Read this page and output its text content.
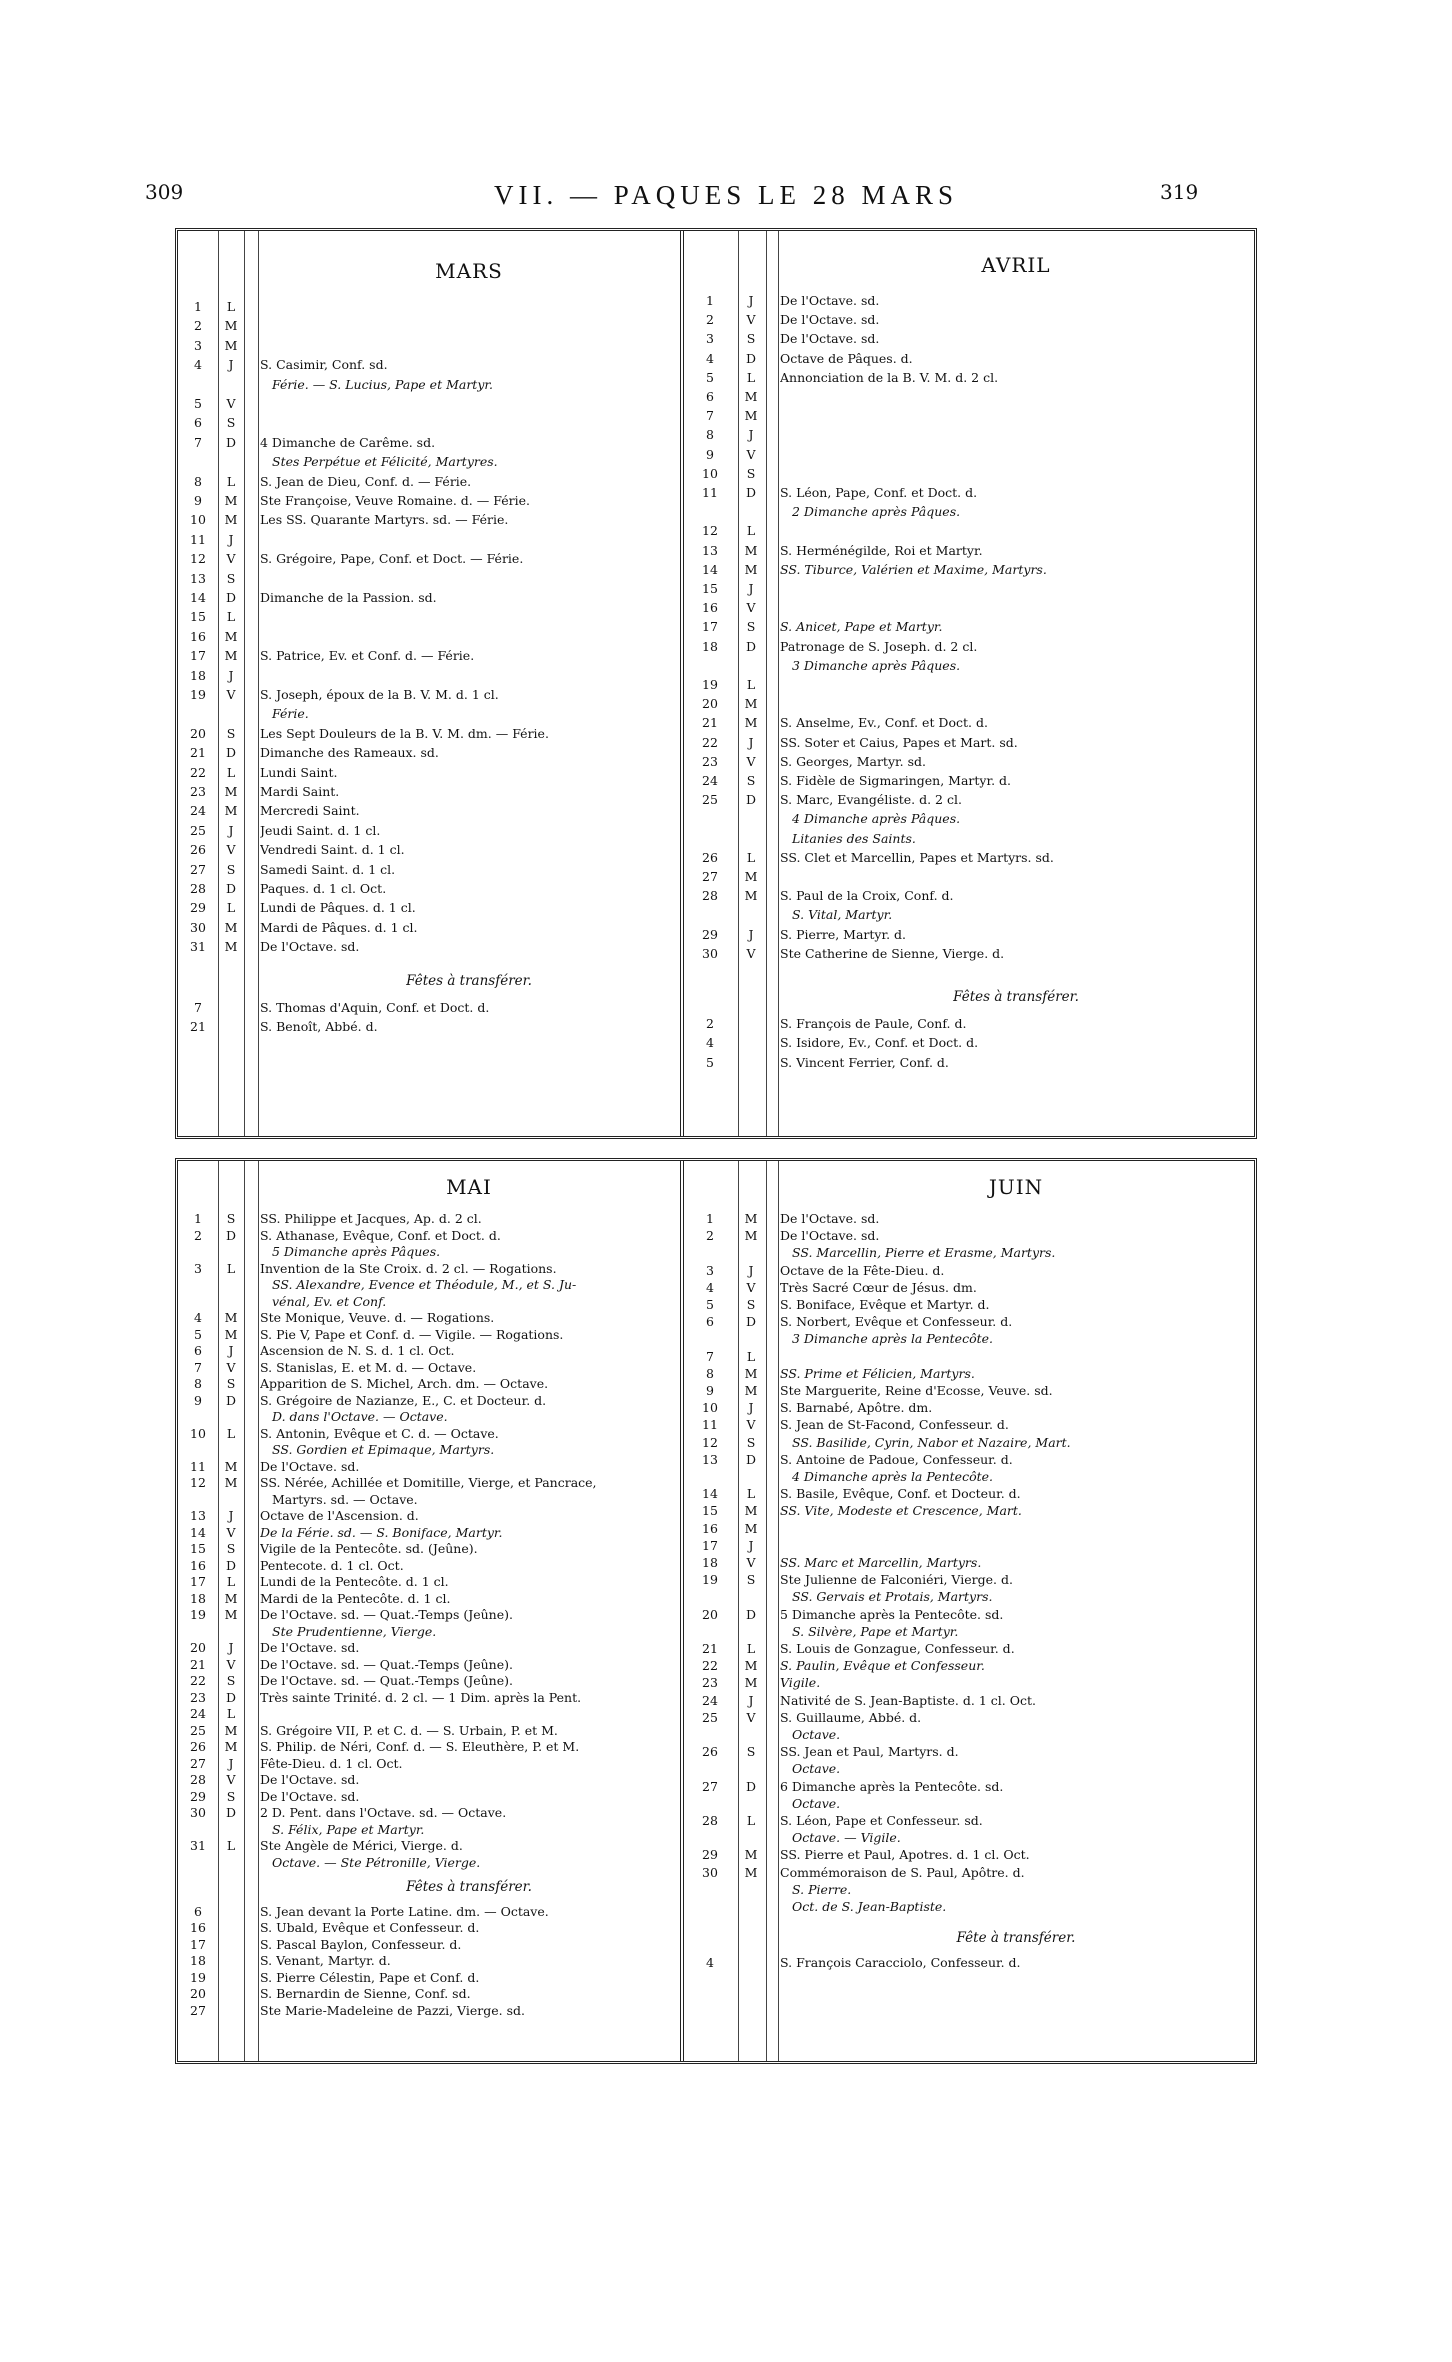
309	VII. — PAQUES LE 28 MARS	319
MARS
1	L
2	M
3	M
4	J	S. Casimir, Conf. sd.
Férie. — S. Lucius, Pape et Martyr.
5	V
6	S
7	D	4 Dimanche de Carême. sd.
Stes Perpétue et Félicité, Martyres.
8	L	S. Jean de Dieu, Conf. d. — Férie.
9	M	Ste Françoise, Veuve Romaine. d. — Férie.
10	M	Les SS. Quarante Martyrs. sd. — Férie.
11	J
12	V	S. Grégoire, Pape, Conf. et Doct. — Férie.
13	S
14	D	Dimanche de la Passion. sd.
15	L
16	M
17	M	S. Patrice, Ev. et Conf. d. — Férie.
18	J
19	V	S. Joseph, époux de la B. V. M. d. 1 cl.
Férie.
20	S	Les Sept Douleurs de la B. V. M. dm. — Férie.
21	D	Dimanche des Rameaux. sd.
22	L	Lundi Saint.
23	M	Mardi Saint.
24	M	Mercredi Saint.
25	J	Jeudi Saint. d. 1 cl.
26	V	Vendredi Saint. d. 1 cl.
27	S	Samedi Saint. d. 1 cl.
28	D	Paques. d. 1 cl. Oct.
29	L	Lundi de Pâques. d. 1 cl.
30	M	Mardi de Pâques. d. 1 cl.
31	M	De l'Octave. sd.
Fêtes à transférer.
7	S. Thomas d'Aquin, Conf. et Doct. d.
21	S. Benoît, Abbé. d.
AVRIL
1	J	De l'Octave. sd.
2	V	De l'Octave. sd.
3	S	De l'Octave. sd.
4	D	Octave de Pâques. d.
5	L	Annonciation de la B. V. M. d. 2 cl.
6	M
7	M
8	J
9	V
10	S
11	D	S. Léon, Pape, Conf. et Doct. d.
2 Dimanche après Pâques.
12	L
13	M	S. Herménégilde, Roi et Martyr.
14	M	SS. Tiburce, Valérien et Maxime, Martyrs.
15	J
16	V
17	S	S. Anicet, Pape et Martyr.
18	D	Patronage de S. Joseph. d. 2 cl.
3 Dimanche après Pâques.
19	L
20	M
21	M	S. Anselme, Ev., Conf. et Doct. d.
22	J	SS. Soter et Caius, Papes et Mart. sd.
23	V	S. Georges, Martyr. sd.
24	S	S. Fidèle de Sigmaringen, Martyr. d.
25	D	S. Marc, Evangéliste. d. 2 cl.
4 Dimanche après Pâques.
Litanies des Saints.
26	L	SS. Clet et Marcellin, Papes et Martyrs. sd.
27	M
28	M	S. Paul de la Croix, Conf. d.
S. Vital, Martyr.
29	J	S. Pierre, Martyr. d.
30	V	Ste Catherine de Sienne, Vierge. d.
Fêtes à transférer.
2	S. François de Paule, Conf. d.
4	S. Isidore, Ev., Conf. et Doct. d.
5	S. Vincent Ferrier, Conf. d.
MAI
1	S	SS. Philippe et Jacques, Ap. d. 2 cl.
2	D	S. Athanase, Evêque, Conf. et Doct. d.
5 Dimanche après Pâques.
3	L	Invention de la Ste Croix. d. 2 cl. — Rogations.
SS. Alexandre, Evence et Théodule, M., et S. Ju-
vénal, Ev. et Conf.
4	M	Ste Monique, Veuve. d. — Rogations.
5	M	S. Pie V, Pape et Conf. d. — Vigile. — Rogations.
6	J	Ascension de N. S. d. 1 cl. Oct.
7	V	S. Stanislas, E. et M. d. — Octave.
8	S	Apparition de S. Michel, Arch. dm. — Octave.
9	D	S. Grégoire de Nazianze, E., C. et Docteur. d.
D. dans l'Octave. — Octave.
10	L	S. Antonin, Evêque et C. d. — Octave.
SS. Gordien et Epimaque, Martyrs.
11	M	De l'Octave. sd.
12	M	SS. Nérée, Achillée et Domitille, Vierge, et Pancrace,
Martyrs. sd. — Octave.
13	J	Octave de l'Ascension. d.
14	V	De la Férie. sd. — S. Boniface, Martyr.
15	S	Vigile de la Pentecôte. sd. (Jeûne).
16	D	Pentecote. d. 1 cl. Oct.
17	L	Lundi de la Pentecôte. d. 1 cl.
18	M	Mardi de la Pentecôte. d. 1 cl.
19	M	De l'Octave. sd. — Quat.-Temps (Jeûne).
Ste Prudentienne, Vierge.
20	J	De l'Octave. sd.
21	V	De l'Octave. sd. — Quat.-Temps (Jeûne).
22	S	De l'Octave. sd. — Quat.-Temps (Jeûne).
23	D	Très sainte Trinité. d. 2 cl. — 1 Dim. après la Pent.
24	L
25	M	S. Grégoire VII, P. et C. d. — S. Urbain, P. et M.
26	M	S. Philip. de Néri, Conf. d. — S. Eleuthère, P. et M.
27	J	Fête-Dieu. d. 1 cl. Oct.
28	V	De l'Octave. sd.
29	S	De l'Octave. sd.
30	D	2 D. Pent. dans l'Octave. sd. — Octave.
S. Félix, Pape et Martyr.
31	L	Ste Angèle de Mérici, Vierge. d.
Octave. — Ste Pétronille, Vierge.
Fêtes à transférer.
6	S. Jean devant la Porte Latine. dm. — Octave.
16	S. Ubald, Evêque et Confesseur. d.
17	S. Pascal Baylon, Confesseur. d.
18	S. Venant, Martyr. d.
19	S. Pierre Célestin, Pape et Conf. d.
20	S. Bernardin de Sienne, Conf. sd.
27	Ste Marie-Madeleine de Pazzi, Vierge. sd.
JUIN
1	M	De l'Octave. sd.
2	M	De l'Octave. sd.
SS. Marcellin, Pierre et Erasme, Martyrs.
3	J	Octave de la Fête-Dieu. d.
4	V	Très Sacré Cœur de Jésus. dm.
5	S	S. Boniface, Evêque et Martyr. d.
6	D	S. Norbert, Evêque et Confesseur. d.
3 Dimanche après la Pentecôte.
7	L
8	M	SS. Prime et Félicien, Martyrs.
9	M	Ste Marguerite, Reine d'Ecosse, Veuve. sd.
10	J	S. Barnabé, Apôtre. dm.
11	V	S. Jean de St-Facond, Confesseur. d.
12	S	SS. Basilide, Cyrin, Nabor et Nazaire, Mart.
13	D	S. Antoine de Padoue, Confesseur. d.
4 Dimanche après la Pentecôte.
14	L	S. Basile, Evêque, Conf. et Docteur. d.
15	M	SS. Vite, Modeste et Crescence, Mart.
16	M
17	J
18	V	SS. Marc et Marcellin, Martyrs.
19	S	Ste Julienne de Falconiéri, Vierge. d.
SS. Gervais et Protais, Martyrs.
20	D	5 Dimanche après la Pentecôte. sd.
S. Silvère, Pape et Martyr.
21	L	S. Louis de Gonzague, Confesseur. d.
22	M	S. Paulin, Evêque et Confesseur.
23	M	Vigile.
24	J	Nativité de S. Jean-Baptiste. d. 1 cl. Oct.
25	V	S. Guillaume, Abbé. d.
Octave.
26	S	SS. Jean et Paul, Martyrs. d.
Octave.
27	D	6 Dimanche après la Pentecôte. sd.
Octave.
28	L	S. Léon, Pape et Confesseur. sd.
Octave. — Vigile.
29	M	SS. Pierre et Paul, Apotres. d. 1 cl. Oct.
30	M	Commémoraison de S. Paul, Apôtre. d.
S. Pierre.
Oct. de S. Jean-Baptiste.
Fête à transférer.
4	S. François Caracciolo, Confesseur. d.
